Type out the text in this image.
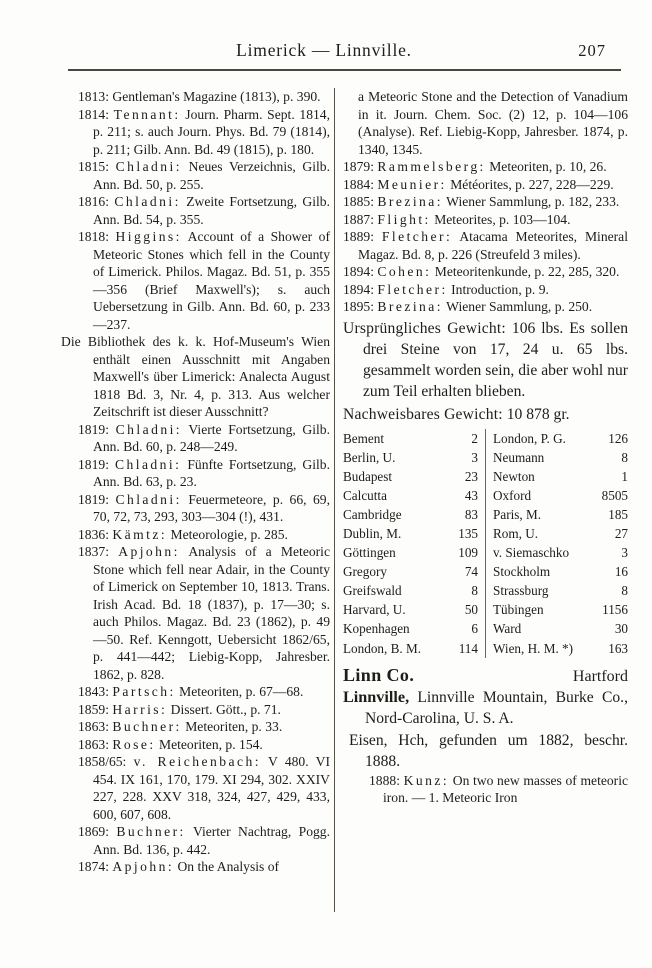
Limerick — Linnville.	207

1813: Gentleman's Magazine (1813), p. 390.

1814: Tennant: Journ. Pharm. Sept. 1814, p. 211; s. auch Journ. Phys. Bd. 79 (1814), p. 211; Gilb. Ann. Bd. 49 (1815), p. 180.

1815: Chladni: Neues Verzeichnis, Gilb. Ann. Bd. 50, p. 255.

1816: Chladni: Zweite Fortsetzung, Gilb. Ann. Bd. 54, p. 355.

1818: Higgins: Account of a Shower of Meteoric Stones which fell in the County of Limerick. Philos. Magaz. Bd. 51, p. 355—356 (Brief Maxwell's); s. auch Uebersetzung in Gilb. Ann. Bd. 60, p. 233—237.

Die Bibliothek des k. k. Hof-Museum's Wien enthält einen Ausschnitt mit Angaben Maxwell's über Limerick: Analecta August 1818 Bd. 3, Nr. 4, p. 313. Aus welcher Zeitschrift ist dieser Ausschnitt?

1819: Chladni: Vierte Fortsetzung, Gilb. Ann. Bd. 60, p. 248—249.

1819: Chladni: Fünfte Fortsetzung, Gilb. Ann. Bd. 63, p. 23.

1819: Chladni: Feuermeteore, p. 66, 69, 70, 72, 73, 293, 303—304 (!), 431.

1836: Kämtz: Meteorologie, p. 285.

1837: Apjohn: Analysis of a Meteoric Stone which fell near Adair, in the County of Limerick on September 10, 1813. Trans. Irish Acad. Bd. 18 (1837), p. 17—30; s. auch Philos. Magaz. Bd. 23 (1862), p. 49—50. Ref. Kenngott, Uebersicht 1862/65, p. 441—442; Liebig-Kopp, Jahresber. 1862, p. 828.

1843: Partsch: Meteoriten, p. 67—68.

1859: Harris: Dissert. Gött., p. 71.

1863: Buchner: Meteoriten, p. 33.

1863: Rose: Meteoriten, p. 154.

1858/65: v. Reichenbach: V 480. VI 454. IX 161, 170, 179. XI 294, 302. XXIV 227, 228. XXV 318, 324, 427, 429, 433, 600, 607, 608.

1869: Buchner: Vierter Nachtrag, Pogg. Ann. Bd. 136, p. 442.

1874: Apjohn: On the Analysis of

a Meteoric Stone and the Detection of Vanadium in it. Journ. Chem. Soc. (2) 12, p. 104—106 (Analyse). Ref. Liebig-Kopp, Jahresber. 1874, p. 1340, 1345.

1879: Rammelsberg: Meteoriten, p. 10, 26.

1884: Meunier: Météorites, p. 227, 228—229.

1885: Brezina: Wiener Sammlung, p. 182, 233.

1887: Flight: Meteorites, p. 103—104.

1889: Fletcher: Atacama Meteorites, Mineral Magaz. Bd. 8, p. 226 (Streufeld 3 miles).

1894: Cohen: Meteoritenkunde, p. 22, 285, 320.

1894: Fletcher: Introduction, p. 9.

1895: Brezina: Wiener Sammlung, p. 250.

Ursprüngliches Gewicht: 106 lbs. Es sollen drei Steine von 17, 24 u. 65 lbs. gesammelt worden sein, die aber wohl nur zum Teil erhalten blieben.

Nachweisbares Gewicht: 10 878 gr.

Bement	2
Berlin, U.	3
Budapest	23
Calcutta	43
Cambridge	83
Dublin, M.	135
Göttingen	109
Gregory	74
Greifswald	8
Harvard, U.	50
Kopenhagen	6
London, B. M.	114
London, P. G.	126
Neumann	8
Newton	1
Oxford	8505
Paris, M.	185
Rom, U.	27
v. Siemaschko	3
Stockholm	16
Strassburg	8
Tübingen	1156
Ward	30
Wien, H. M. *)	163
Linn Co.	Hartford

Linnville, Linnville Mountain, Burke Co., Nord-Carolina, U. S. A.

Eisen, Hch, gefunden um 1882, beschr. 1888.

1888: Kunz: On two new masses of meteoric iron. — 1. Meteoric Iron
